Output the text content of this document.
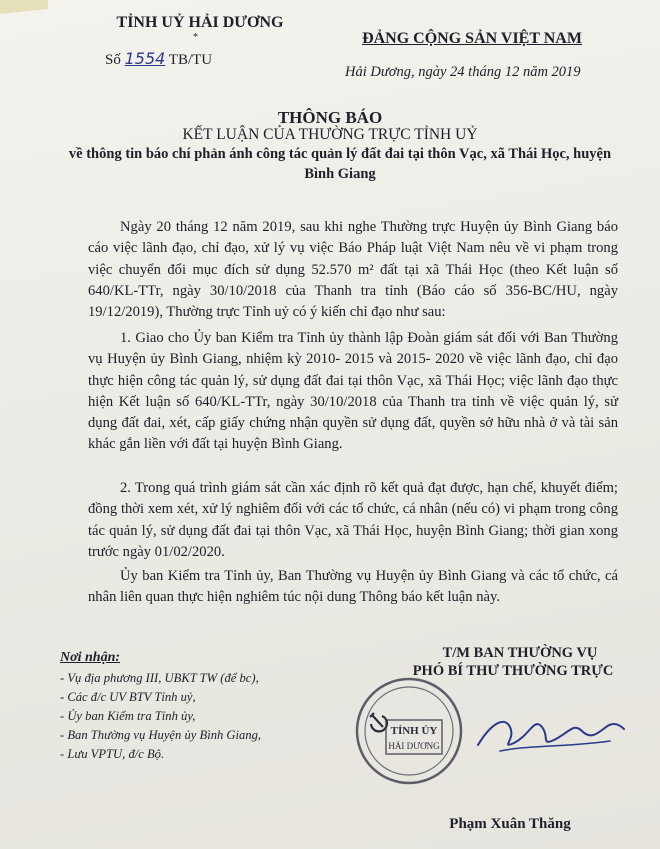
TỈNH UỶ HẢI DƯƠNG
*
Số 1554 TB/TU
ĐẢNG CỘNG SẢN VIỆT NAM
Hải Dương, ngày 24 tháng 12 năm 2019
THÔNG BÁO
KẾT LUẬN CỦA THƯỜNG TRỰC TỈNH UỶ
về thông tin báo chí phản ánh công tác quản lý đất đai tại thôn Vạc, xã Thái Học, huyện Bình Giang

Ngày 20 tháng 12 năm 2019, sau khi nghe Thường trực Huyện ủy Bình Giang báo cáo việc lãnh đạo, chỉ đạo, xử lý vụ việc Báo Pháp luật Việt Nam nêu về vi phạm trong việc chuyển đổi mục đích sử dụng 52.570 m² đất tại xã Thái Học (theo Kết luận số 640/KL-TTr, ngày 30/10/2018 của Thanh tra tỉnh (Báo cáo số 356-BC/HU, ngày 19/12/2019), Thường trực Tỉnh uỷ có ý kiến chỉ đạo như sau:

1. Giao cho Ủy ban Kiểm tra Tỉnh ủy thành lập Đoàn giám sát đối với Ban Thường vụ Huyện ủy Bình Giang, nhiệm kỳ 2010- 2015 và 2015- 2020 về việc lãnh đạo, chỉ đạo thực hiện công tác quản lý, sử dụng đất đai tại thôn Vạc, xã Thái Học; việc lãnh đạo thực hiện Kết luận số 640/KL-TTr, ngày 30/10/2018 của Thanh tra tỉnh về việc quản lý, sử dụng đất đai, xét, cấp giấy chứng nhận quyền sử dụng đất, quyền sở hữu nhà ở và tài sản khác gắn liền với đất tại huyện Bình Giang.

2. Trong quá trình giám sát cần xác định rõ kết quả đạt được, hạn chế, khuyết điểm; đồng thời xem xét, xử lý nghiêm đối với các tổ chức, cá nhân (nếu có) vi phạm trong công tác quản lý, sử dụng đất đai tại thôn Vạc, xã Thái Học, huyện Bình Giang; thời gian xong trước ngày 01/02/2020.

Ủy ban Kiểm tra Tỉnh ủy, Ban Thường vụ Huyện ủy Bình Giang và các tổ chức, cá nhân liên quan thực hiện nghiêm túc nội dung Thông báo kết luận này.

Nơi nhận:
- Vụ địa phương III, UBKT TW (để bc),
- Các đ/c UV BTV Tỉnh uỷ,
- Ủy ban Kiểm tra Tỉnh ủy,
- Ban Thường vụ Huyện ủy Bình Giang,
- Lưu VPTU, đ/c Bộ.
T/M BAN THƯỜNG VỤ
PHÓ BÍ THƯ THƯỜNG TRỰC
TỈNH ỦY
HẢI DƯƠNG
Phạm Xuân Thăng
